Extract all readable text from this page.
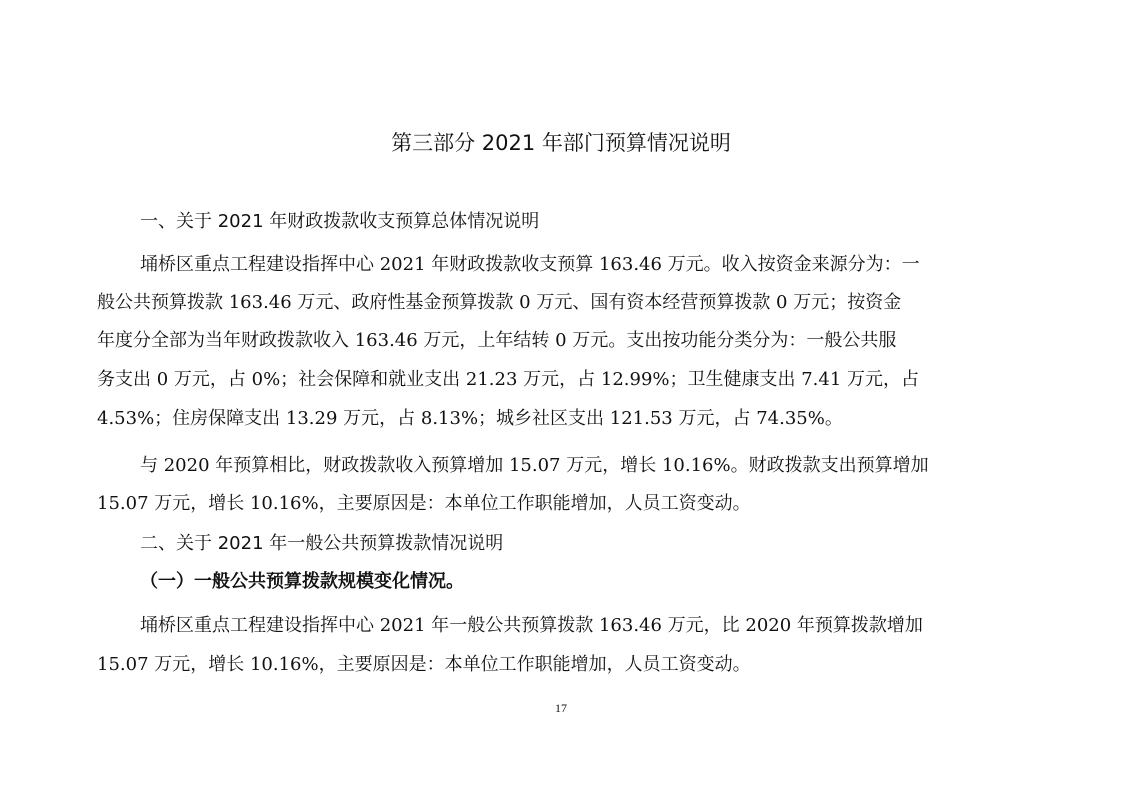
第三部分 2021 年部门预算情况说明
一、关于 2021 年财政拨款收支预算总体情况说明
埇桥区重点工程建设指挥中心 2021 年财政拨款收支预算 163.46 万元。收入按资金来源分为：一
般公共预算拨款 163.46 万元、政府性基金预算拨款 0 万元、国有资本经营预算拨款 0 万元；按资金
年度分全部为当年财政拨款收入 163.46 万元，上年结转 0 万元。支出按功能分类分为：一般公共服
务支出 0 万元，占 0%；社会保障和就业支出 21.23 万元，占 12.99%；卫生健康支出 7.41 万元，占
4.53%；住房保障支出 13.29 万元，占 8.13%；城乡社区支出 121.53 万元，占 74.35%。
与 2020 年预算相比，财政拨款收入预算增加 15.07 万元，增长 10.16%。财政拨款支出预算增加
15.07 万元，增长 10.16%，主要原因是：本单位工作职能增加，人员工资变动。
二、关于 2021 年一般公共预算拨款情况说明
（一）一般公共预算拨款规模变化情况。
埇桥区重点工程建设指挥中心 2021 年一般公共预算拨款 163.46 万元，比 2020 年预算拨款增加
15.07 万元，增长 10.16%，主要原因是：本单位工作职能增加，人员工资变动。
17
